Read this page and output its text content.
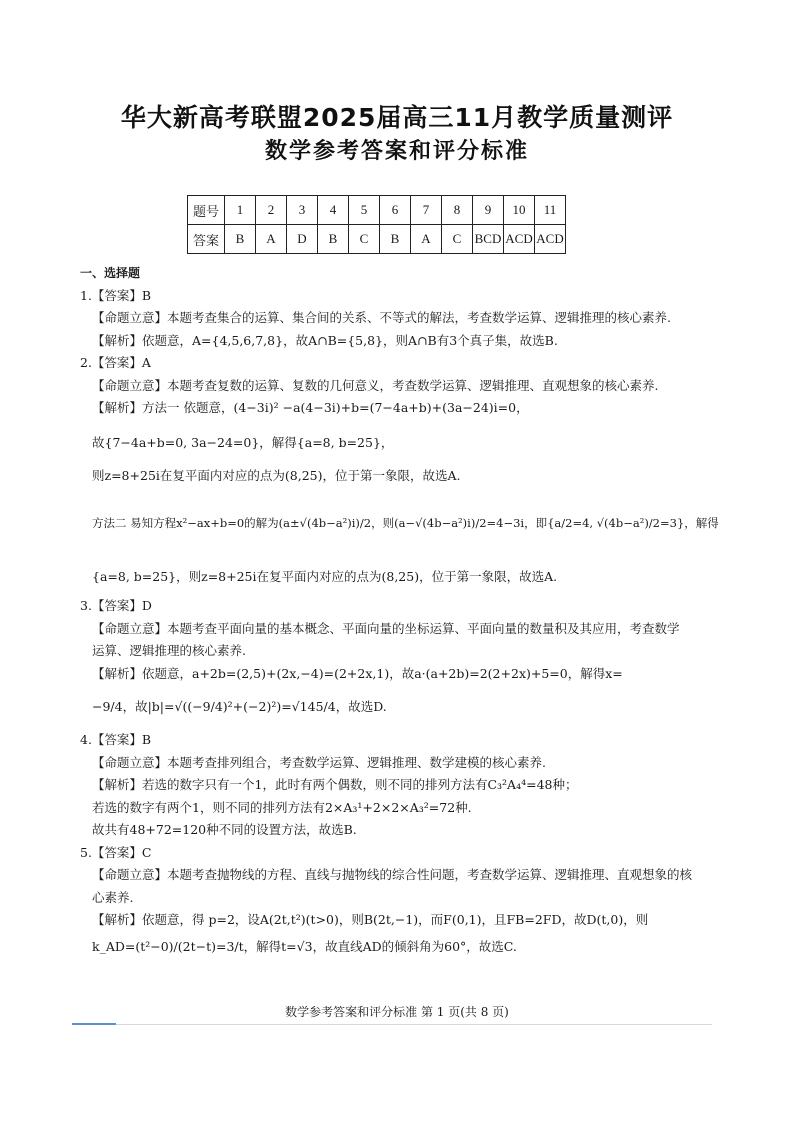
华大新高考联盟2025届高三11月教学质量测评
数学参考答案和评分标准
题号	1	2	3	4	5	6	7	8	9	10	11
答案	B	A	D	B	C	B	A	C	BCD	ACD	ACD
一、选择题
1.【答案】B
【命题立意】本题考查集合的运算、集合间的关系、不等式的解法，考查数学运算、逻辑推理的核心素养.
【解析】依题意，A={4,5,6,7,8}，故A∩B={5,8}，则A∩B有3个真子集，故选B.
2.【答案】A
【命题立意】本题考查复数的运算、复数的几何意义，考查数学运算、逻辑推理、直观想象的核心素养.
【解析】方法一 依题意，(4−3i)² −a(4−3i)+b=(7−4a+b)+(3a−24)i=0，
故{7−4a+b=0, 3a−24=0}，解得{a=8, b=25}，
则z=8+25i在复平面内对应的点为(8,25)，位于第一象限，故选A.
方法二 易知方程x²−ax+b=0的解为(a±√(4b−a²)i)/2，则(a−√(4b−a²)i)/2=4−3i，即{a/2=4, √(4b−a²)/2=3}，解得
{a=8, b=25}，则z=8+25i在复平面内对应的点为(8,25)，位于第一象限，故选A.
3.【答案】D
【命题立意】本题考查平面向量的基本概念、平面向量的坐标运算、平面向量的数量积及其应用，考查数学
运算、逻辑推理的核心素养.
【解析】依题意，a+2b=(2,5)+(2x,−4)=(2+2x,1)，故a·(a+2b)=2(2+2x)+5=0，解得x=
−9/4，故|b|=√((−9/4)²+(−2)²)=√145/4，故选D.
4.【答案】B
【命题立意】本题考查排列组合，考查数学运算、逻辑推理、数学建模的核心素养.
【解析】若选的数字只有一个1，此时有两个偶数，则不同的排列方法有C₃²A₄⁴=48种；
若选的数字有两个1，则不同的排列方法有2×A₃¹+2×2×A₃²=72种.
故共有48+72=120种不同的设置方法，故选B.
5.【答案】C
【命题立意】本题考查抛物线的方程、直线与抛物线的综合性问题，考查数学运算、逻辑推理、直观想象的核
心素养.
【解析】依题意，得 p=2，设A(2t,t²)(t>0)，则B(2t,−1)，而F(0,1)，且FB=2FD，故D(t,0)，则
k_AD=(t²−0)/(2t−t)=3/t，解得t=√3，故直线AD的倾斜角为60°，故选C.
数学参考答案和评分标准 第 1 页(共 8 页)
